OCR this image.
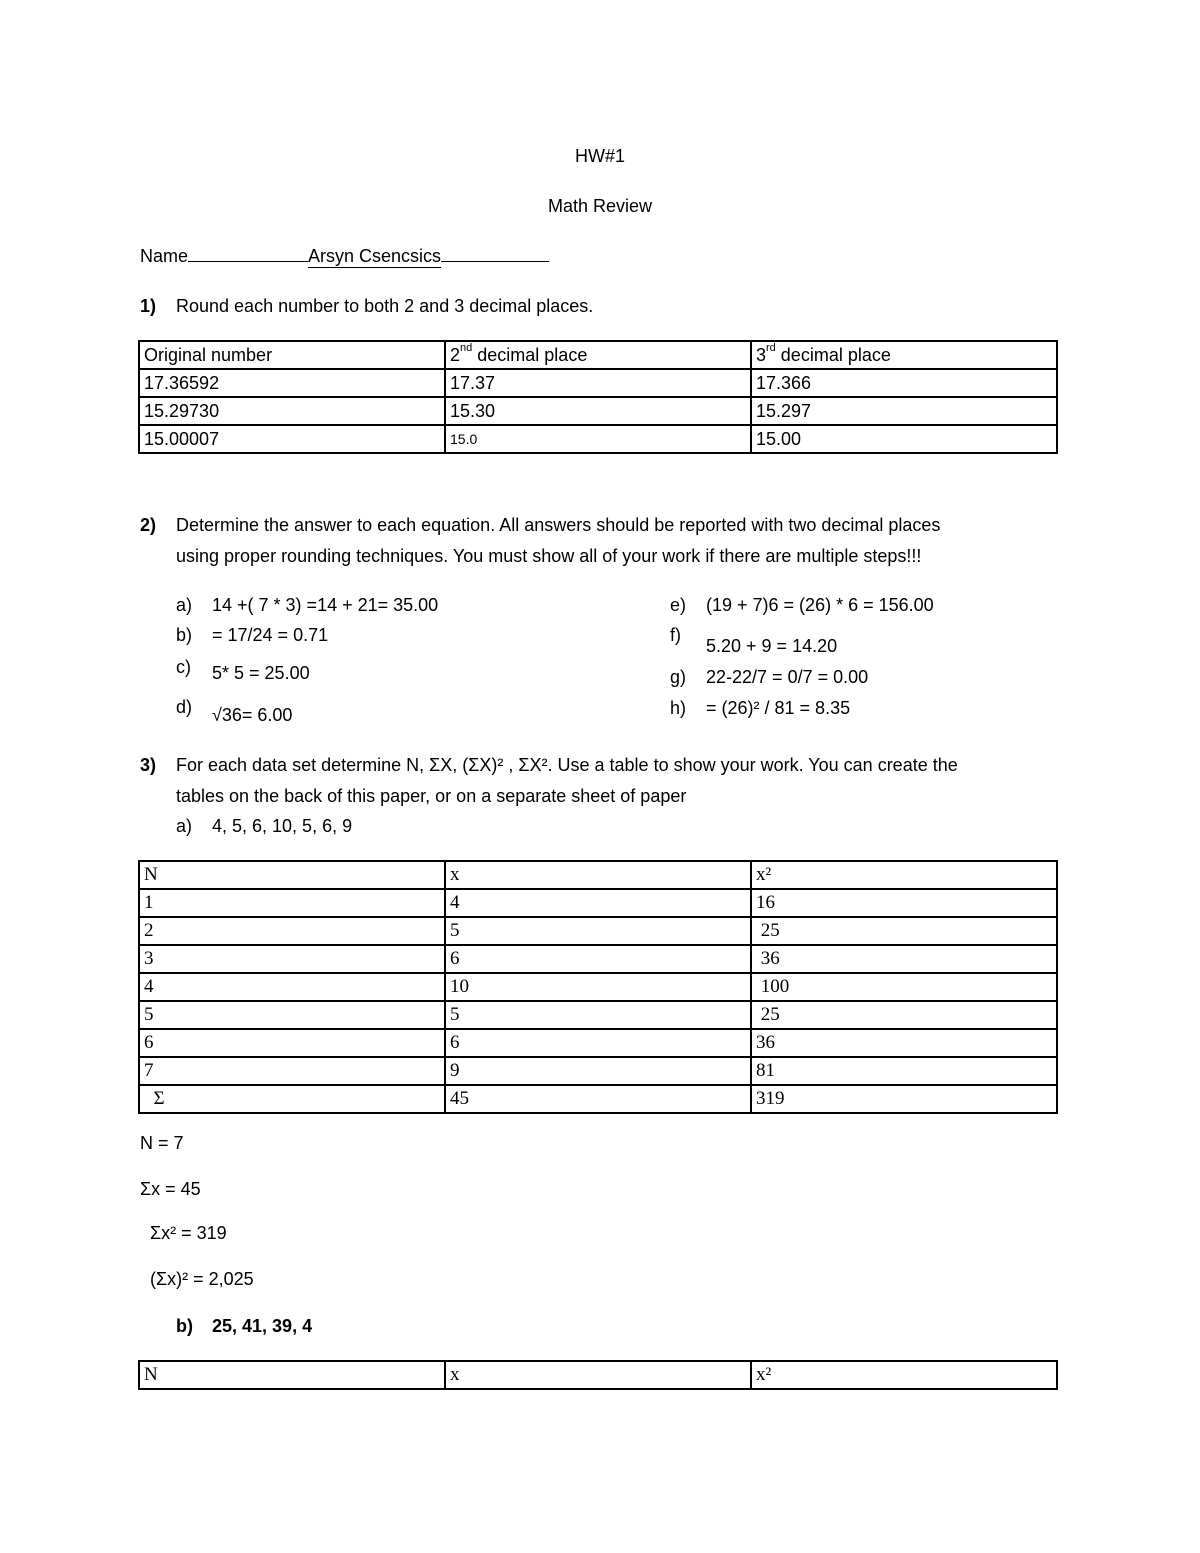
HW#1
Math Review
Name	Arsyn Csencsics
1) Round each number to both 2 and 3 decimal places.
Original number	2nd decimal place	3rd decimal place
17.36592	17.37	17.366
15.29730	15.30	15.297
15.00007	15.0	15.00
2) Determine the answer to each equation. All answers should be reported with two decimal places
using proper rounding techniques. You must show all of your work if there are multiple steps!!!
a) 14 +( 7 * 3) =14 + 21= 35.00
b) = 17/24 = 0.71
c) 5* 5 = 25.00
d) √36= 6.00
e) (19 + 7)6 = (26) * 6 = 156.00
f)
5.20 + 9 = 14.20
g) 22-22/7 = 0/7 = 0.00
h) = (26)² / 81 = 8.35
3) For each data set determine N, ΣX, (ΣX)² , ΣX². Use a table to show your work. You can create the
tables on the back of this paper, or on a separate sheet of paper
a) 4, 5, 6, 10, 5, 6, 9
N	x	x²
1	4	16
2	5	25
3	6	36
4	10	100
5	5	25
6	6	36
7	9	81
Σ	45	319
N = 7
Σx = 45
Σx² = 319
(Σx)² = 2,025
b) 25, 41, 39, 4
N	x	x²
